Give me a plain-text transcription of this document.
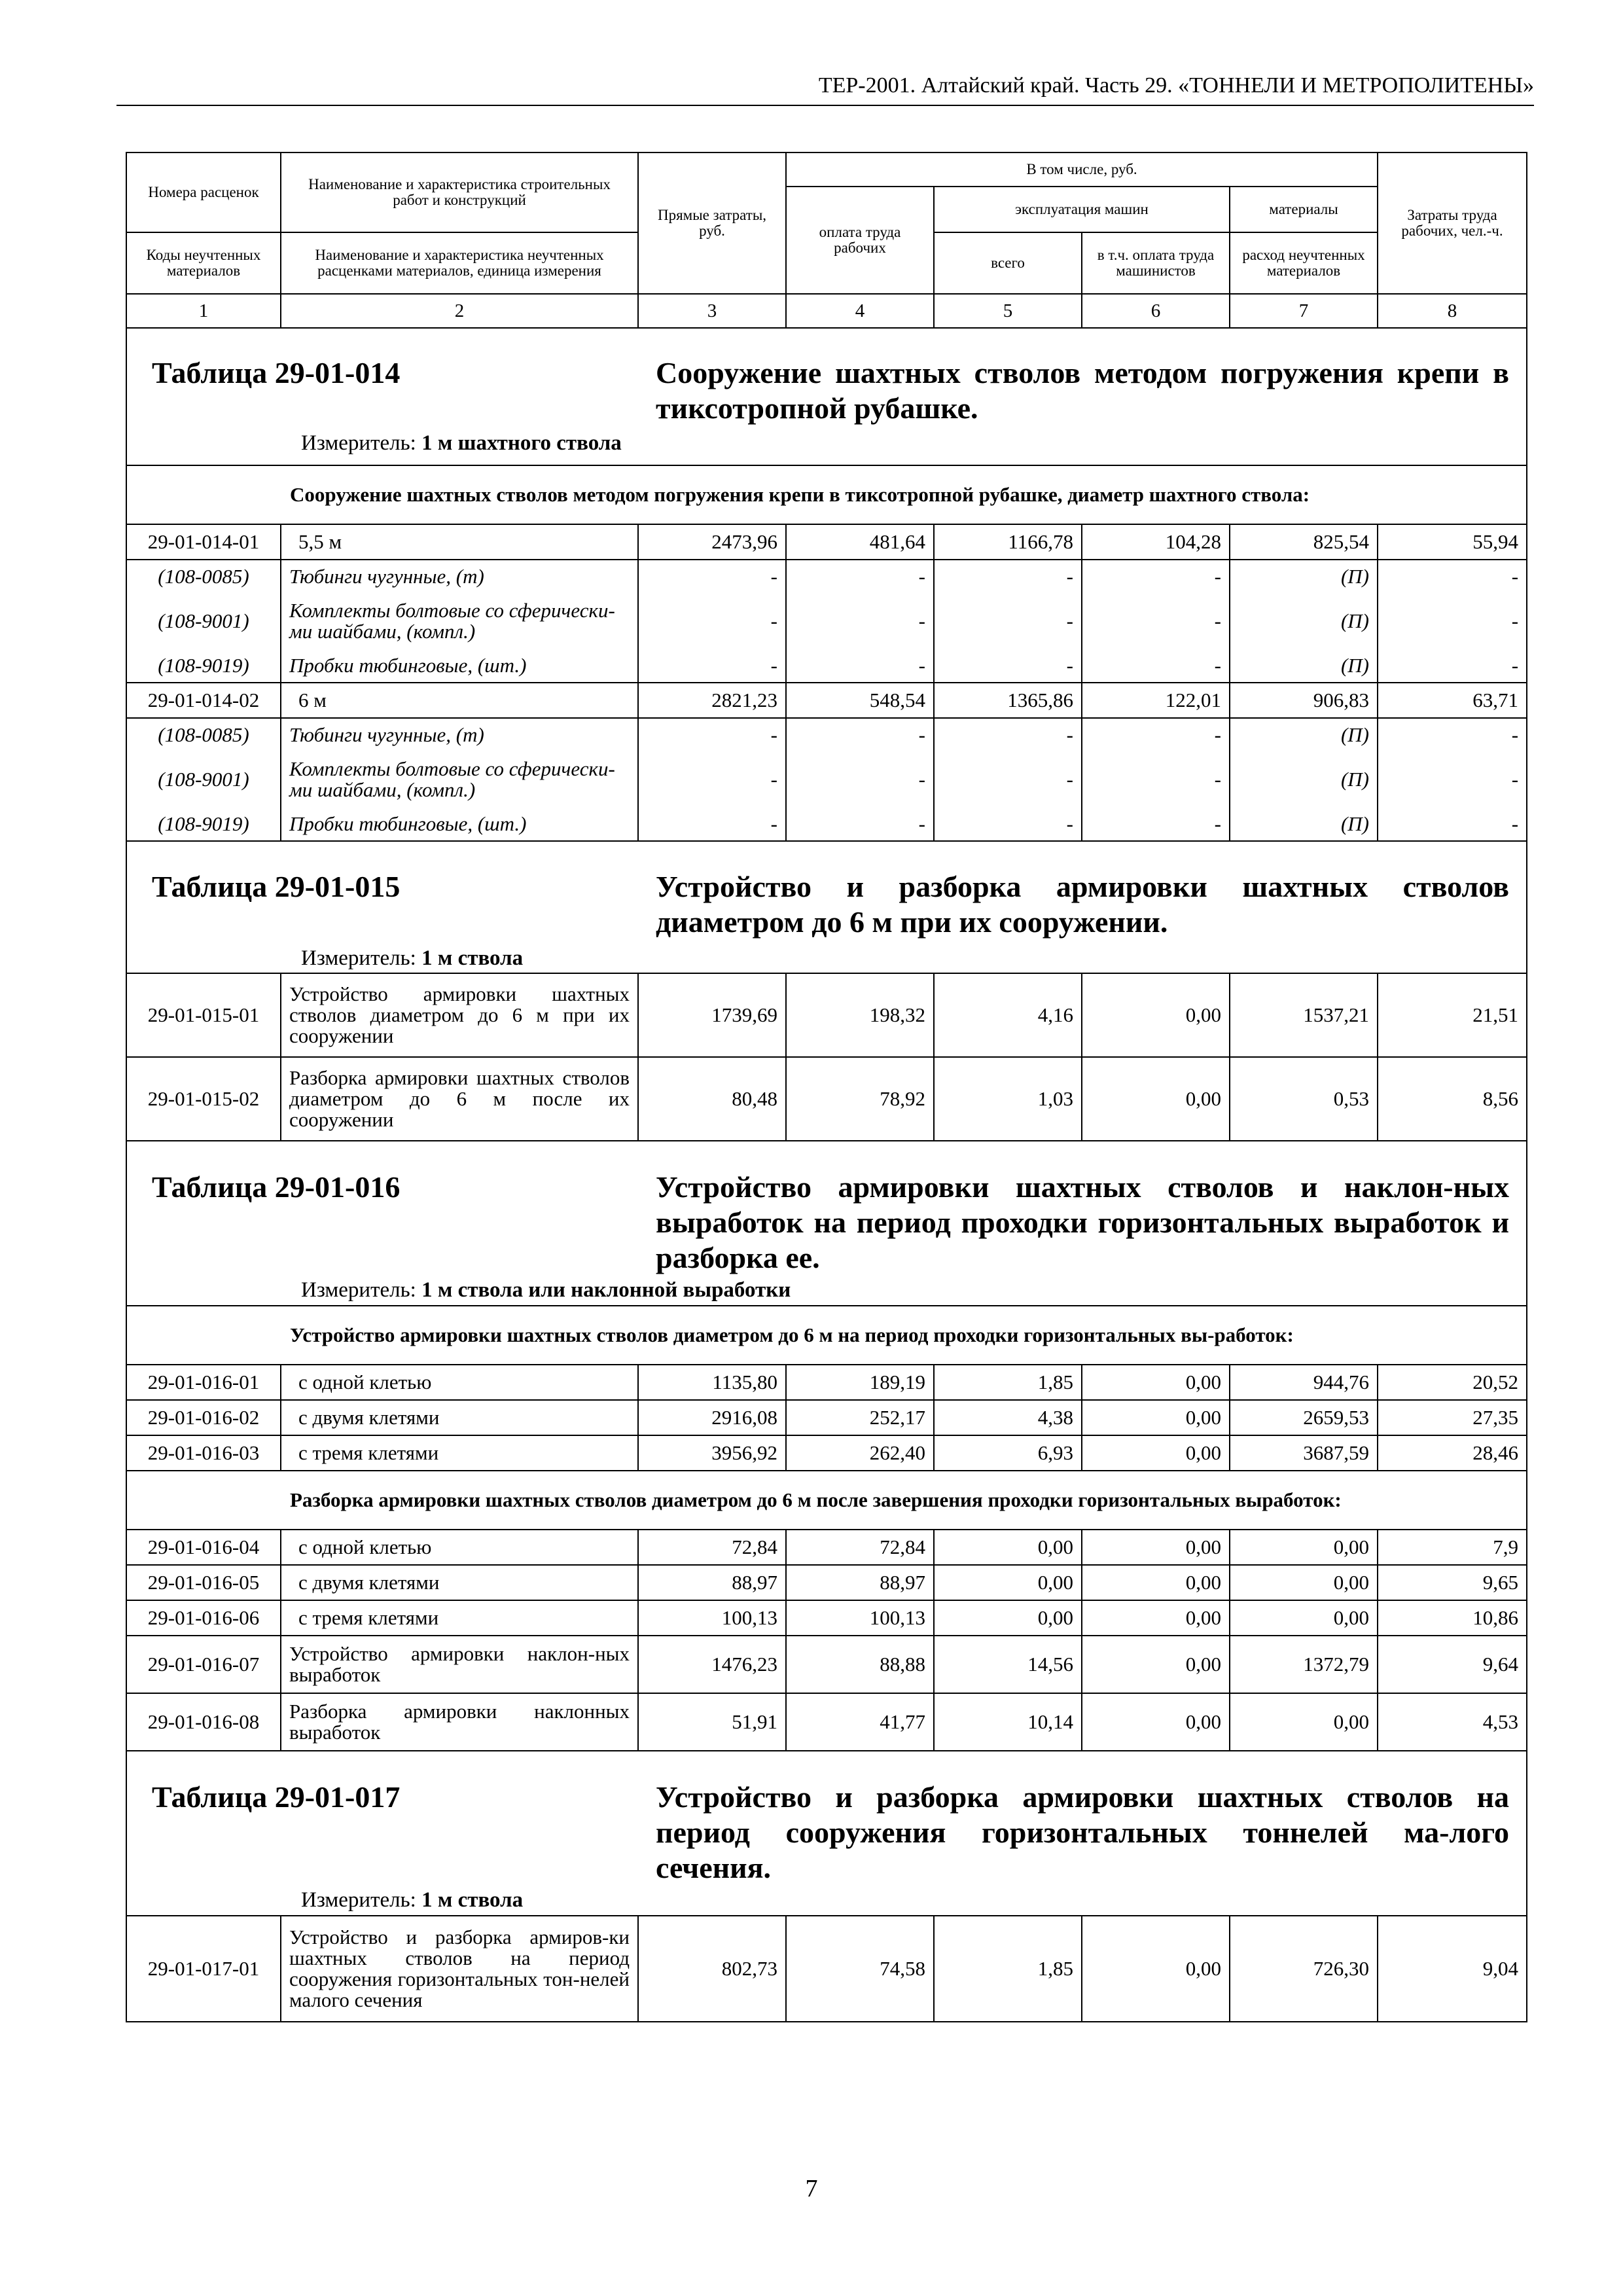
ТЕР-2001. Алтайский край. Часть 29. «ТОННЕЛИ И МЕТРОПОЛИТЕНЫ»
Номера расценок	Наименование и характеристика строительных работ и конструкций	Прямые затраты, руб.	В том числе, руб.				Затраты труда рабочих, чел.-ч.
			оплата труда рабочих	эксплуатация машин		материалы	
Коды неучтенных материалов	Наименование и характеристика неучтенных расценками материалов, единица измерения			всего	в т.ч. оплата труда машинистов	расход неучтенных материалов	
1	2	3	4	5	6	7	8

Таблица 29-01-014 Сооружение шахтных стволов методом погружения крепи в тиксотропной рубашке.
Измеритель: 1 м шахтного ствола							

	Сооружение шахтных стволов методом погружения крепи в тиксотропной рубашке, диаметр шахтного ствола:						
29-01-014-01	5,5 м	2473,96	481,64	1166,78	104,28	825,54	55,94
(108-0085)	Тюбинги чугунные, (т)	-	-	-	-	(П)	-
(108-9001)	Комплекты болтовые со сферически-ми шайбами, (компл.)	-	-	-	-	(П)	-
(108-9019)	Пробки тюбинговые, (шт.)	-	-	-	-	(П)	-
29-01-014-02	6 м	2821,23	548,54	1365,86	122,01	906,83	63,71
(108-0085)	Тюбинги чугунные, (т)	-	-	-	-	(П)	-
(108-9001)	Комплекты болтовые со сферически-ми шайбами, (компл.)	-	-	-	-	(П)	-
(108-9019)	Пробки тюбинговые, (шт.)	-	-	-	-	(П)	-

Таблица 29-01-015 Устройство и разборка армировки шахтных стволов диаметром до 6 м при их сооружении.
Измеритель: 1 м ствола							

29-01-015-01	Устройство армировки шахтных стволов диаметром до 6 м при их сооружении	1739,69	198,32	4,16	0,00	1537,21	21,51
29-01-015-02	Разборка армировки шахтных стволов диаметром до 6 м после их сооружении	80,48	78,92	1,03	0,00	0,53	8,56

Таблица 29-01-016 Устройство армировки шахтных стволов и наклон-ных выработок на период проходки горизонтальных выработок и разборка ее.
Измеритель: 1 м ствола или наклонной выработки							

	Устройство армировки шахтных стволов диаметром до 6 м на период проходки горизонтальных вы-работок:						
29-01-016-01	с одной клетью	1135,80	189,19	1,85	0,00	944,76	20,52
29-01-016-02	с двумя клетями	2916,08	252,17	4,38	0,00	2659,53	27,35
29-01-016-03	с тремя клетями	3956,92	262,40	6,93	0,00	3687,59	28,46
	Разборка армировки шахтных стволов диаметром до 6 м после завершения проходки горизонтальных выработок:						
29-01-016-04	с одной клетью	72,84	72,84	0,00	0,00	0,00	7,9
29-01-016-05	с двумя клетями	88,97	88,97	0,00	0,00	0,00	9,65
29-01-016-06	с тремя клетями	100,13	100,13	0,00	0,00	0,00	10,86
29-01-016-07	Устройство армировки наклон-ных выработок	1476,23	88,88	14,56	0,00	1372,79	9,64
29-01-016-08	Разборка армировки наклонных выработок	51,91	41,77	10,14	0,00	0,00	4,53

Таблица 29-01-017 Устройство и разборка армировки шахтных стволов на период сооружения горизонтальных тоннелей ма-лого сечения.
Измеритель: 1 м ствола							

29-01-017-01	Устройство и разборка армиров-ки шахтных стволов на период сооружения горизонтальных тон-нелей малого сечения	802,73	74,58	1,85	0,00	726,30	9,04
7
